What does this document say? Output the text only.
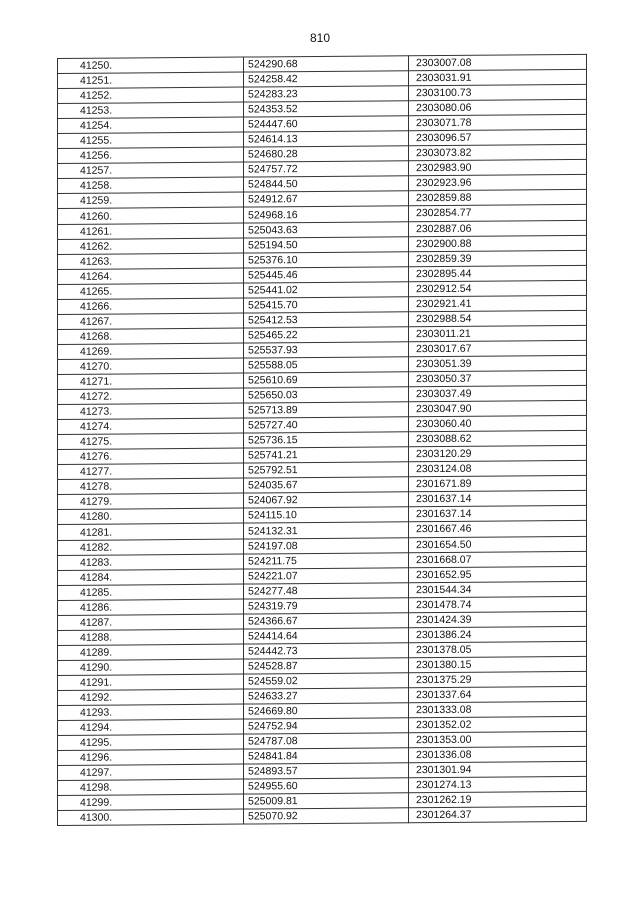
810
41250.	524290.68	2303007.08
41251.	524258.42	2303031.91
41252.	524283.23	2303100.73
41253.	524353.52	2303080.06
41254.	524447.60	2303071.78
41255.	524614.13	2303096.57
41256.	524680.28	2303073.82
41257.	524757.72	2302983.90
41258.	524844.50	2302923.96
41259.	524912.67	2302859.88
41260.	524968.16	2302854.77
41261.	525043.63	2302887.06
41262.	525194.50	2302900.88
41263.	525376.10	2302859.39
41264.	525445.46	2302895.44
41265.	525441.02	2302912.54
41266.	525415.70	2302921.41
41267.	525412.53	2302988.54
41268.	525465.22	2303011.21
41269.	525537.93	2303017.67
41270.	525588.05	2303051.39
41271.	525610.69	2303050.37
41272.	525650.03	2303037.49
41273.	525713.89	2303047.90
41274.	525727.40	2303060.40
41275.	525736.15	2303088.62
41276.	525741.21	2303120.29
41277.	525792.51	2303124.08
41278.	524035.67	2301671.89
41279.	524067.92	2301637.14
41280.	524115.10	2301637.14
41281.	524132.31	2301667.46
41282.	524197.08	2301654.50
41283.	524211.75	2301668.07
41284.	524221.07	2301652.95
41285.	524277.48	2301544.34
41286.	524319.79	2301478.74
41287.	524366.67	2301424.39
41288.	524414.64	2301386.24
41289.	524442.73	2301378.05
41290.	524528.87	2301380.15
41291.	524559.02	2301375.29
41292.	524633.27	2301337.64
41293.	524669.80	2301333.08
41294.	524752.94	2301352.02
41295.	524787.08	2301353.00
41296.	524841.84	2301336.08
41297.	524893.57	2301301.94
41298.	524955.60	2301274.13
41299.	525009.81	2301262.19
41300.	525070.92	2301264.37
